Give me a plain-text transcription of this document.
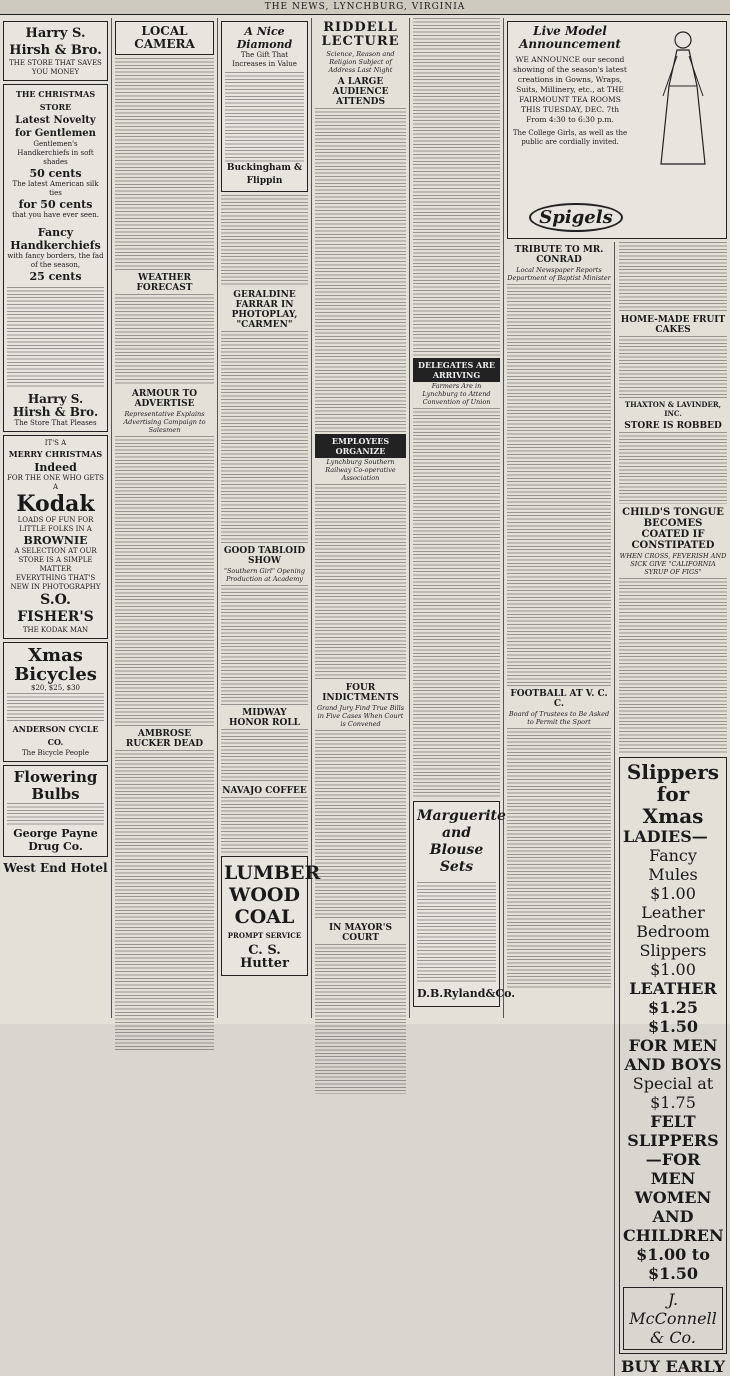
THE NEWS, LYNCHBURG, VIRGINIA
Harry S. Hirsh & Bro.
THE STORE THAT SAVES YOU MONEY
THE CHRISTMAS STORE
Latest Novelty for Gentlemen
Gentlemen's Handkerchiefs in soft shades
50 cents
The latest American silk ties
for 50 cents
that you have ever seen.
Fancy Handkerchiefs
with fancy borders, the fad of the season,
25 cents
Harry S. Hirsh & Bro.
The Store That Pleases
IT'S A
MERRY CHRISTMAS
Indeed
FOR THE ONE WHO GETS A
Kodak
LOADS OF FUN FOR LITTLE FOLKS IN A
BROWNIE
A SELECTION AT OUR STORE IS A SIMPLE MATTER
EVERYTHING THAT'S NEW IN PHOTOGRAPHY
S.O. FISHER'S
THE KODAK MAN
Xmas Bicycles
$20, $25, $30
ANDERSON CYCLE CO.
The Bicycle People
Flowering Bulbs
George Payne Drug Co.
West End Hotel
LOCAL CAMERA
WEATHER FORECAST
ARMOUR TO ADVERTISE
Representative Explains Advertising Campaign to Salesmen
AMBROSE RUCKER DEAD
A Nice Diamond
The Gift That Increases in Value
Buckingham & Flippin
GERALDINE FARRAR IN PHOTOPLAY, "CARMEN"
GOOD TABLOID SHOW
"Southern Girl" Opening Production at Academy
MIDWAY HONOR ROLL
NAVAJO COFFEE
LUMBER
WOOD
COAL
PROMPT SERVICE
C. S. Hutter
RIDDELL LECTURE
Science, Reason and Religion Subject of Address Last Night
A LARGE AUDIENCE ATTENDS
EMPLOYEES ORGANIZE
Lynchburg Southern Railway Co-operative Association
FOUR INDICTMENTS
Grand Jury Find True Bills in Five Cases When Court is Convened
IN MAYOR'S COURT
DELEGATES ARE ARRIVING
Farmers Are in Lynchburg to Attend Convention of Union
Marguerite and Blouse Sets
D.B.Ryland&Co.
Live Model Announcement
WE ANNOUNCE our second showing of the season's latest creations in Gowns, Wraps, Suits, Millinery, etc., at THE FAIRMOUNT TEA ROOMS THIS TUESDAY, DEC. 7th From 4:30 to 6:30 p.m.
The College Girls, as well as the public are cordially invited.
Spigels
TRIBUTE TO MR. CONRAD
Local Newspaper Reports Department of Baptist Minister
FOOTBALL AT V. C. C.
Board of Trustees to Be Asked to Permit the Sport
HOME-MADE FRUIT CAKES
THAXTON & LAVINDER, INC.
STORE IS ROBBED
CHILD'S TONGUE BECOMES COATED IF CONSTIPATED
WHEN CROSS, FEVERISH AND SICK GIVE "CALIFORNIA SYRUP OF FIGS"
Slippers for Xmas
LADIES—
Fancy Mules $1.00
Leather Bedroom Slippers $1.00
LEATHER $1.25 $1.50
FOR MEN AND BOYS
Special at $1.75
FELT SLIPPERS—FOR MEN WOMEN AND CHILDREN $1.00 to $1.50
J. McConnell & Co.
BUY EARLY
